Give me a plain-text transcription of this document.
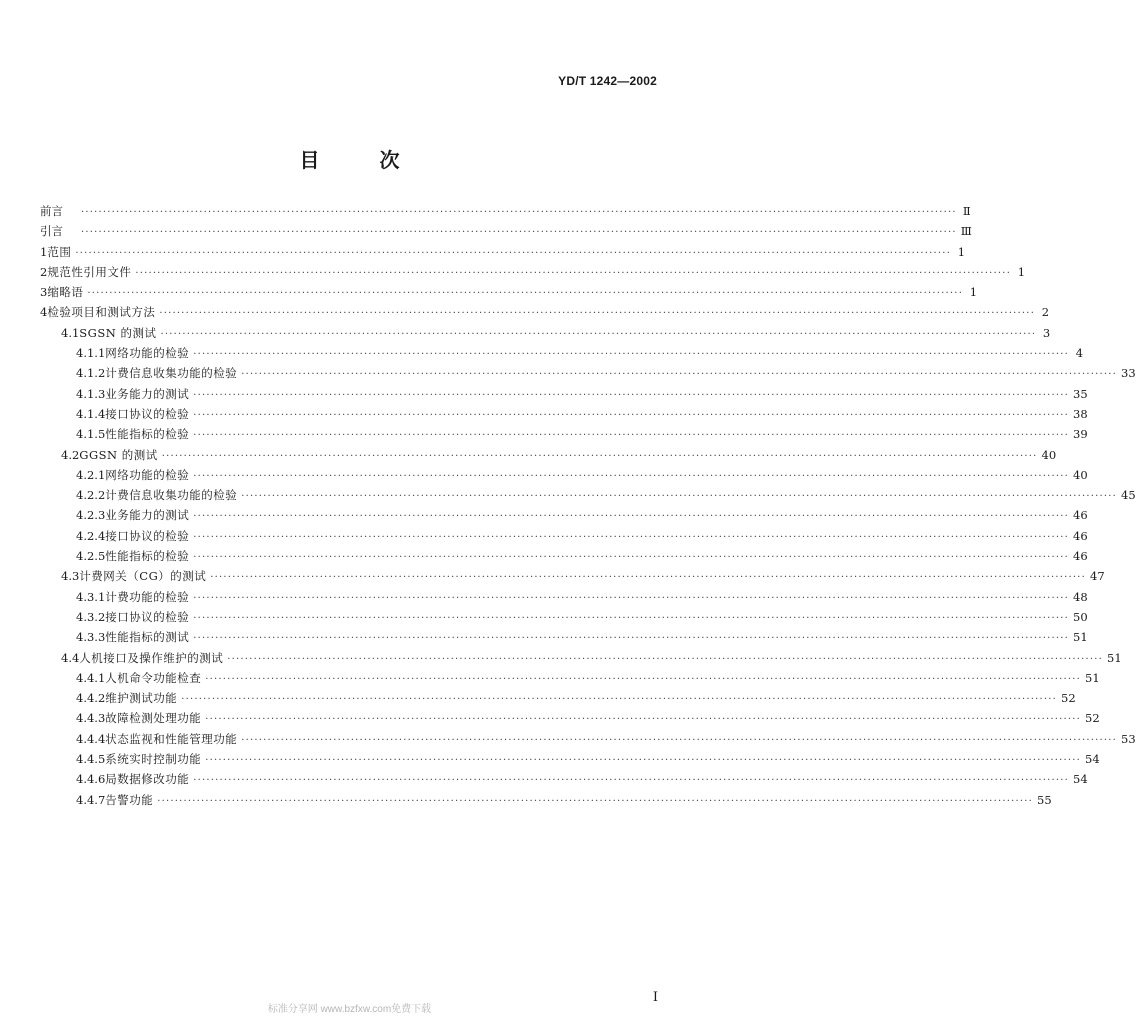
YD/T 1242—2002
目	次
前 言 ········································································································································································································ Ⅱ
引 言 ········································································································································································································ Ⅲ
1 范围 ········································································································································································································ 1
2 规范性引用文件 ········································································································································································································ 1
3 缩略语 ········································································································································································································ 1
4 检验项目和测试方法 ········································································································································································································ 2
4.1 SGSN 的测试 ········································································································································································································ 3
4.1.1 网络功能的检验 ········································································································································································································ 4
4.1.2 计费信息收集功能的检验 ········································································································································································································ 33
4.1.3 业务能力的测试 ········································································································································································································ 35
4.1.4 接口协议的检验 ········································································································································································································ 38
4.1.5 性能指标的检验 ········································································································································································································ 39
4.2 GGSN 的测试 ········································································································································································································ 40
4.2.1 网络功能的检验 ········································································································································································································ 40
4.2.2 计费信息收集功能的检验 ········································································································································································································ 45
4.2.3 业务能力的测试 ········································································································································································································ 46
4.2.4 接口协议的检验 ········································································································································································································ 46
4.2.5 性能指标的检验 ········································································································································································································ 46
4.3 计费网关（CG）的测试 ········································································································································································································ 47
4.3.1 计费功能的检验 ········································································································································································································ 48
4.3.2 接口协议的检验 ········································································································································································································ 50
4.3.3 性能指标的测试 ········································································································································································································ 51
4.4 人机接口及操作维护的测试 ········································································································································································································ 51
4.4.1 人机命令功能检查 ········································································································································································································ 51
4.4.2 维护测试功能 ········································································································································································································ 52
4.4.3 故障检测处理功能 ········································································································································································································ 52
4.4.4 状态监视和性能管理功能 ········································································································································································································ 53
4.4.5 系统实时控制功能 ········································································································································································································ 54
4.4.6 局数据修改功能 ········································································································································································································ 54
4.4.7 告警功能 ········································································································································································································ 55
标准分享网 www.bzfxw.com免费下载
I
